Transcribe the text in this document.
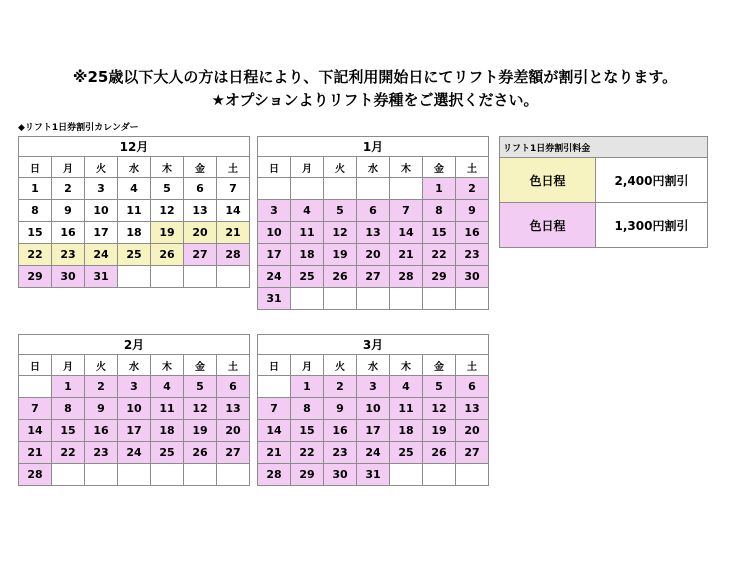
※25歳以下大人の方は日程により、下記利用開始日にてリフト券差額が割引となります。
★オプションよりリフト券種をご選択ください。
◆リフト1日券割引カレンダー
12月						
日	月	火	水	木	金	土
1	2	3	4	5	6	7
8	9	10	11	12	13	14
15	16	17	18	19	20	21
22	23	24	25	26	27	28
29	30	31				
1月						
日	月	火	水	木	金	土
					1	2
3	4	5	6	7	8	9
10	11	12	13	14	15	16
17	18	19	20	21	22	23
24	25	26	27	28	29	30
31						
2月						
日	月	火	水	木	金	土
	1	2	3	4	5	6
7	8	9	10	11	12	13
14	15	16	17	18	19	20
21	22	23	24	25	26	27
28						
3月						
日	月	火	水	木	金	土
	1	2	3	4	5	6
7	8	9	10	11	12	13
14	15	16	17	18	19	20
21	22	23	24	25	26	27
28	29	30	31			
リフト1日券割引料金	
色日程	2,400円割引
色日程	1,300円割引
